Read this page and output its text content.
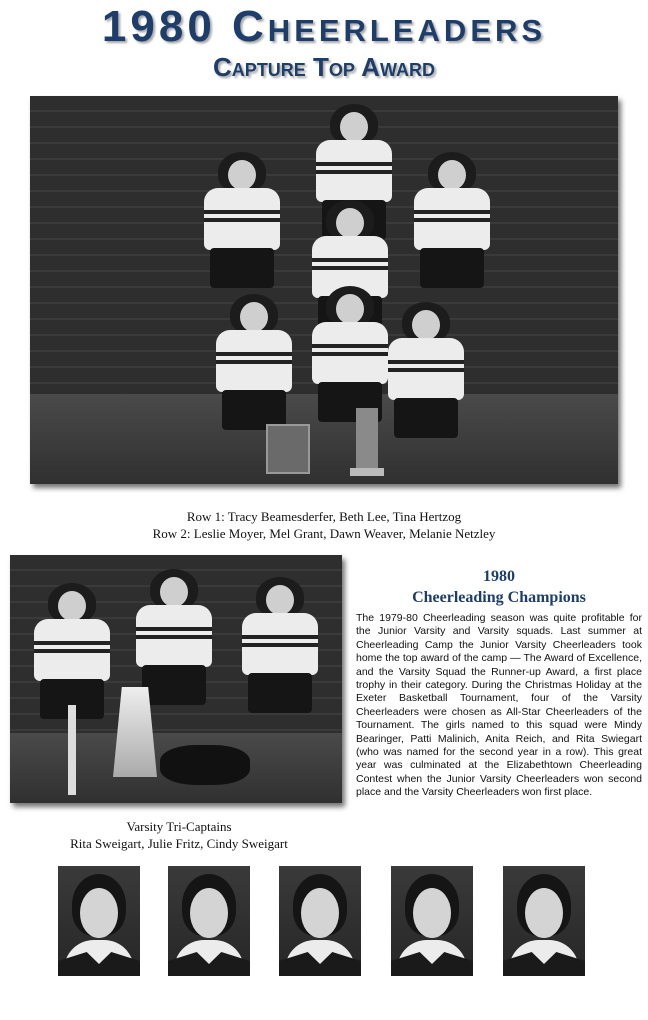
1980 Cheerleaders
Capture Top Award
Row 1: Tracy Beamesderfer, Beth Lee, Tina Hertzog
Row 2: Leslie Moyer, Mel Grant, Dawn Weaver, Melanie Netzley
Varsity Tri-Captains
Rita Sweigart, Julie Fritz, Cindy Sweigart
1980
Cheerleading Champions
The 1979-80 Cheerleading season was quite profitable for the Junior Varsity and Varsity squads. Last summer at Cheerleading Camp the Junior Varsity Cheerleaders took home the top award of the camp — The Award of Excellence, and the Varsity Squad the Runner-up Award, a first place trophy in their category. During the Christmas Holiday at the Exeter Basketball Tournament, four of the Varsity Cheerleaders were chosen as All-Star Cheerleaders of the Tournament. The girls named to this squad were Mindy Bearinger, Patti Malinich, Anita Reich, and Rita Swiegart (who was named for the second year in a row). This great year was culminated at the Elizabethtown Cheerleading Contest when the Junior Varsity Cheerleaders won second place and the Varsity Cheerleaders won first place.
